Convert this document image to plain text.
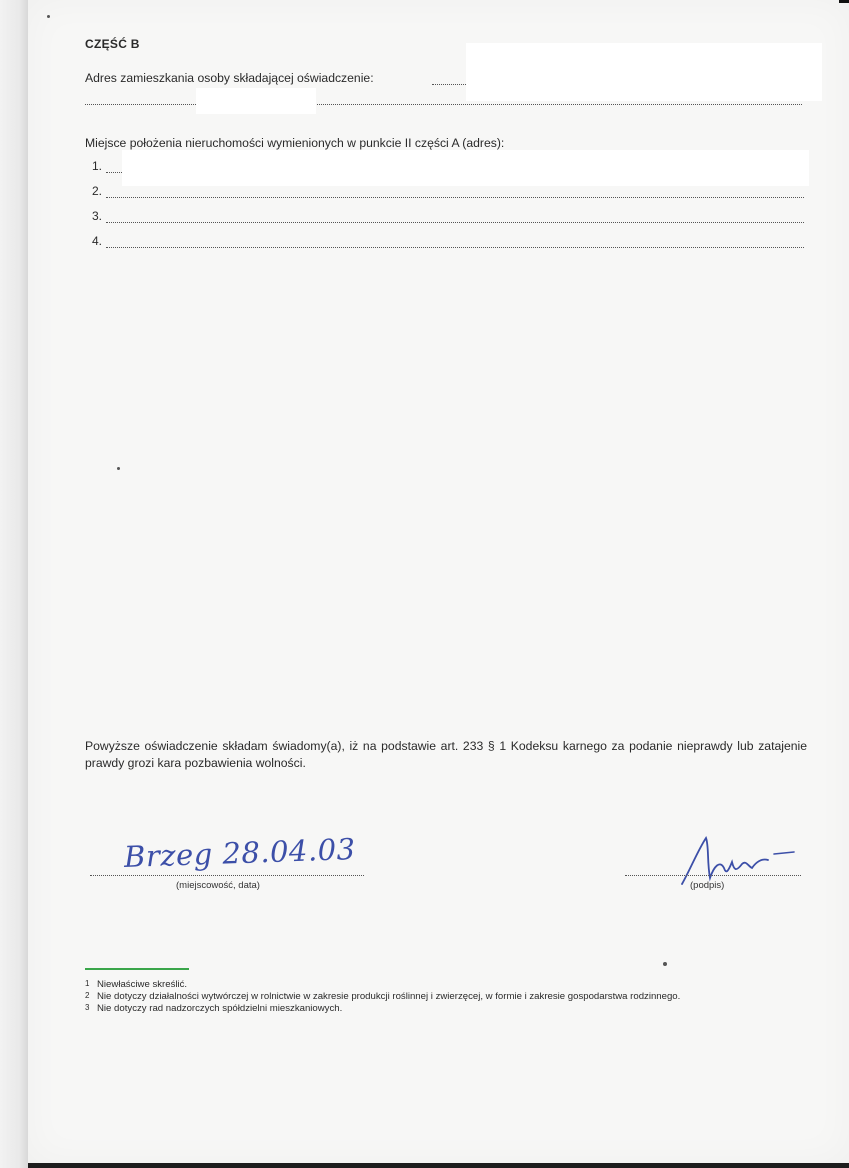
CZĘŚĆ B
Adres zamieszkania osoby składającej oświadczenie:
Miejsce położenia nieruchomości wymienionych w punkcie II części A (adres):
1.
2.
3.
4.
Powyższe oświadczenie składam świadomy(a), iż na podstawie art. 233 § 1 Kodeksu karnego za podanie nieprawdy lub zatajenie prawdy grozi kara pozbawienia wolności.
Brzeg 28.04.03
(miejscowość, data)	(podpis)
1 Niewłaściwe skreślić.
2 Nie dotyczy działalności wytwórczej w rolnictwie w zakresie produkcji roślinnej i zwierzęcej, w formie i zakresie gospodarstwa rodzinnego.
3 Nie dotyczy rad nadzorczych spółdzielni mieszkaniowych.
